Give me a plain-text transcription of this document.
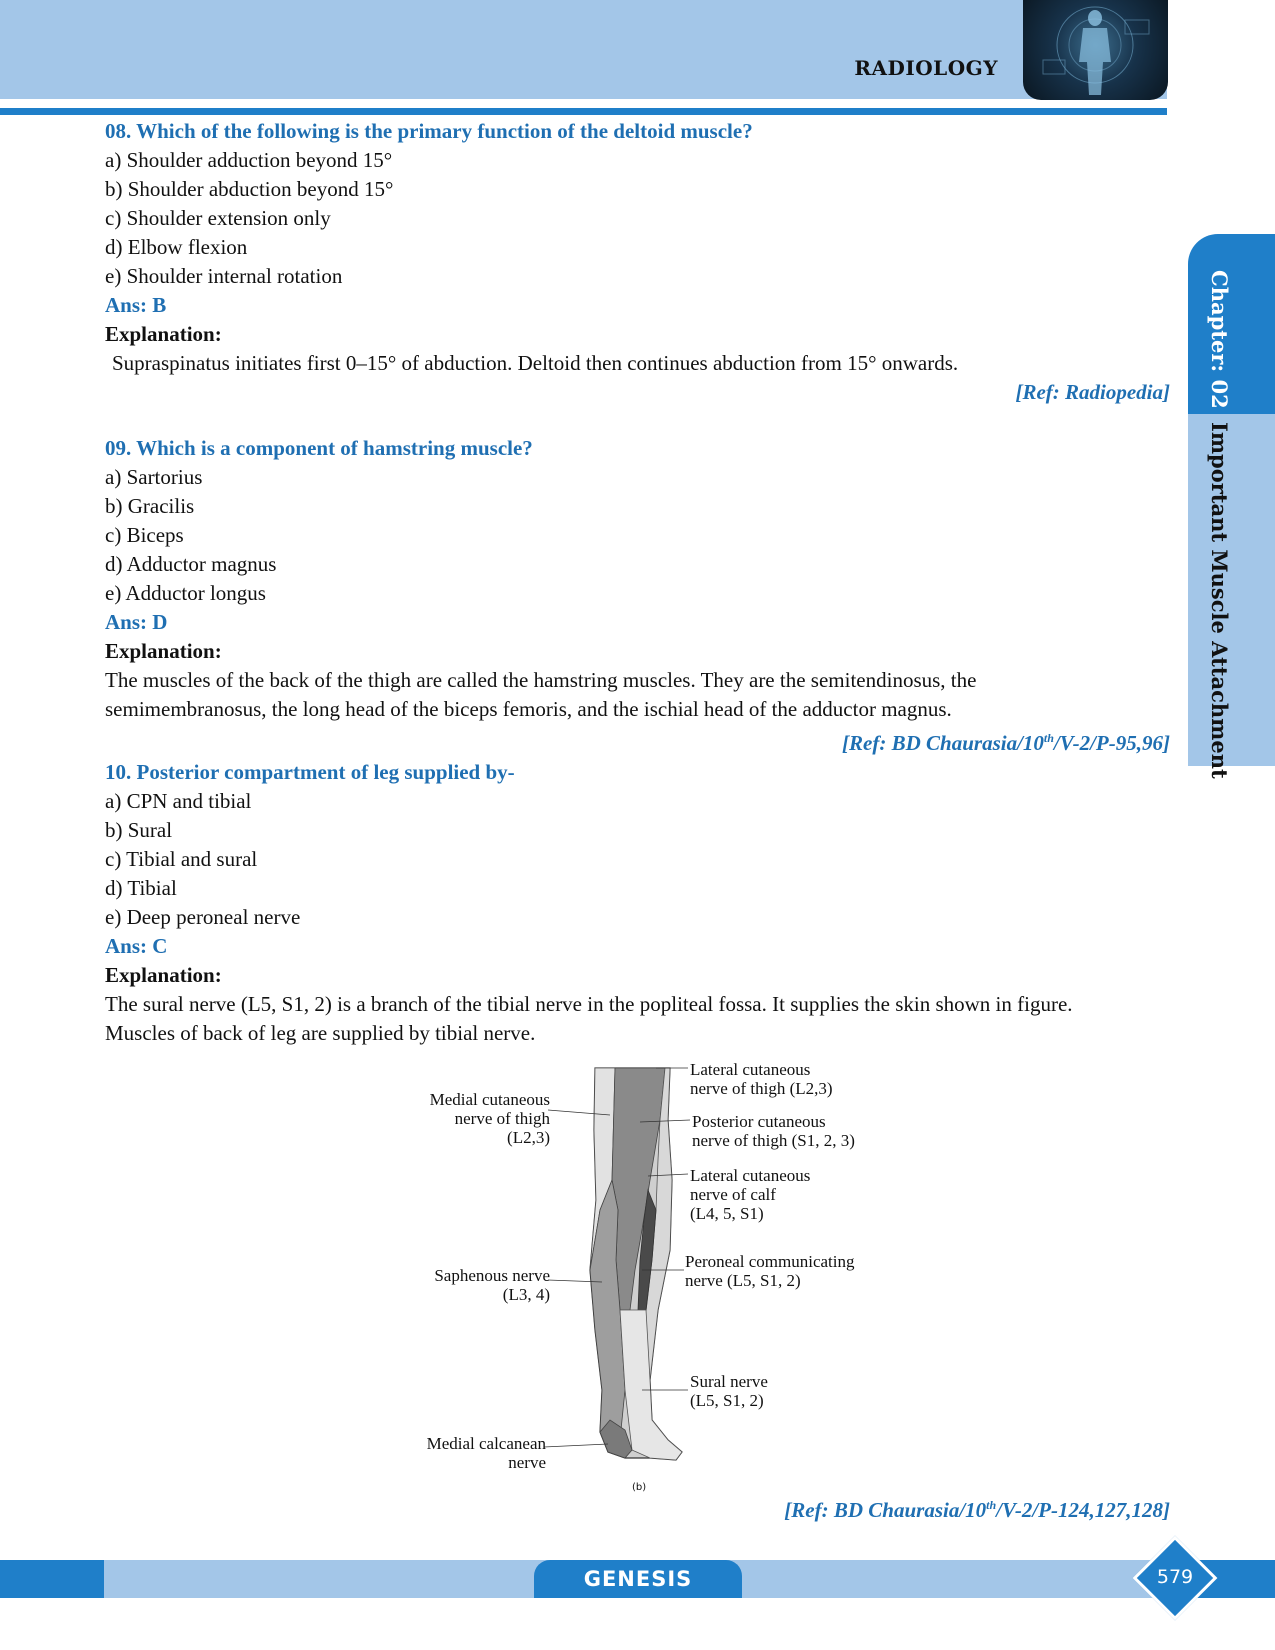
RADIOLOGY
Chapter: 02
Important Muscle Attachment
08. Which of the following is the primary function of the deltoid muscle?
a) Shoulder adduction beyond 15°
b) Shoulder abduction beyond 15°
c) Shoulder extension only
d) Elbow flexion
e) Shoulder internal rotation
Ans: B
Explanation:
Supraspinatus initiates first 0–15° of abduction. Deltoid then continues abduction from 15° onwards.
[Ref: Radiopedia]
09. Which is a component of hamstring muscle?
a) Sartorius
b) Gracilis
c) Biceps
d) Adductor magnus
e) Adductor longus
Ans: D
Explanation:
The muscles of the back of the thigh are called the hamstring muscles. They are the semitendinosus, the semimembranosus, the long head of the biceps femoris, and the ischial head of the adductor magnus.
[Ref: BD Chaurasia/10th/V-2/P-95,96]
10. Posterior compartment of leg supplied by-
a) CPN and tibial
b) Sural
c) Tibial and sural
d) Tibial
e) Deep peroneal nerve
Ans: C
Explanation:
The sural nerve (L5, S1, 2) is a branch of the tibial nerve in the popliteal fossa. It supplies the skin shown in figure. Muscles of back of leg are supplied by tibial nerve.
Medial cutaneous
nerve of thigh
(L2,3)
Saphenous nerve
(L3, 4)
Medial calcanean
nerve
Lateral cutaneous
nerve of thigh (L2,3)
Posterior cutaneous
nerve of thigh (S1, 2, 3)
Lateral cutaneous
nerve of calf
(L4, 5, S1)
Peroneal communicating
nerve (L5, S1, 2)
Sural nerve
(L5, S1, 2)
(b)
[Ref: BD Chaurasia/10th/V-2/P-124,127,128]
GENESIS	579
